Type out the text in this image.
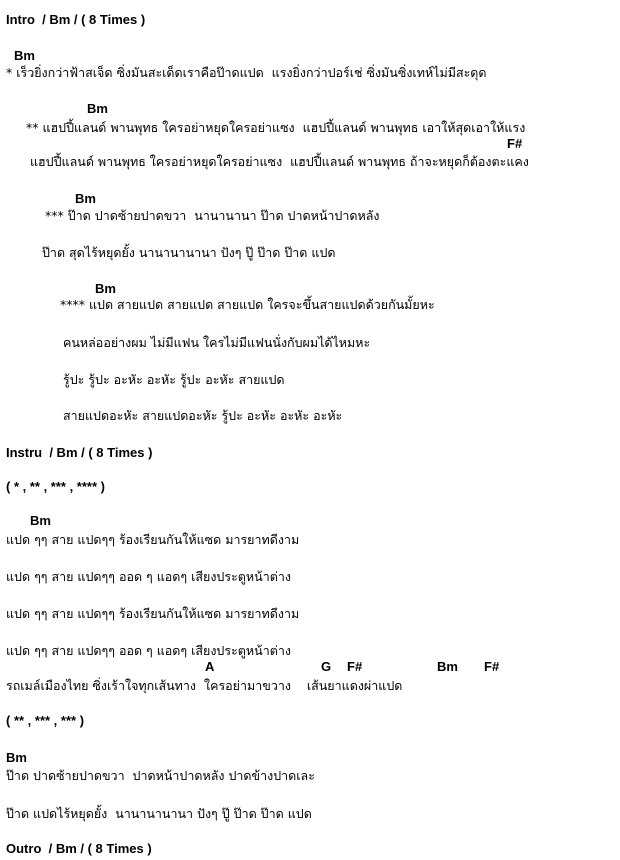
Intro  / Bm / ( 8 Times )
Bm
* เร็วยิ่งกว่าฟ้าสเจ็ด ซิ่งมันสะเด็ดเราคือป๊าดแปด  แรงยิ่งกว่าปอร์เช่ ซิ่งมันซิ่งเทห์ไม่มีสะดุด
Bm
** แฮปปี้แลนด์ พานพุทธ ใครอย่าหยุดใครอย่าแซง  แฮปปี้แลนด์ พานพุทธ เอาให้สุดเอาให้แรง
F#
แฮปปี้แลนด์ พานพุทธ ใครอย่าหยุดใครอย่าแซง  แฮปปี้แลนด์ พานพุทธ ถ้าจะหยุดก็ต้องตะแคง
Bm
*** ป๊าด ปาดซ้ายปาดขวา  นานานานา ป๊าด ปาดหน้าปาดหลัง
ป๊าด สุดไร้หยุดยั้ง นานานานานา ปังๆ ปู๊ ป๊าด ป๊าด แปด
Bm
**** แปด สายแปด สายแปด สายแปด ใครจะขึ้นสายแปดด้วยกันมั้ยหะ
คนหล่ออย่างผม ไม่มีแฟน ใครไม่มีแฟนนั่งกับผมได้ไหมหะ
รู้ปะ รู้ปะ อะหัะ อะหัะ รู้ปะ อะหัะ สายแปด
สายแปดอะหัะ สายแปดอะหัะ รู้ปะ อะหัะ อะหัะ อะหัะ
Instru  / Bm / ( 8 Times )
( * , ** , *** , **** )
Bm
แปด ๆๆ สาย แปดๆๆ ร้องเรียนกันให้แซด มารยาทดีงาม
แปด ๆๆ สาย แปดๆๆ ออด ๆ แอดๆ เสียงประตูหน้าต่าง
แปด ๆๆ สาย แปดๆๆ ร้องเรียนกันให้แซด มารยาทดีงาม
แปด ๆๆ สาย แปดๆๆ ออด ๆ แอดๆ เสียงประตูหน้าต่าง
A	G F#	Bm F#
รถเมล์เมืองไทย ซิ่งเร้าใจทุกเส้นทาง  ใครอย่ามาขวาง    เส้นยาแดงผ่าแปด
( ** , *** , *** )
Bm
ป๊าด ปาดซ้ายปาดขวา  ปาดหน้าปาดหลัง ปาดข้างปาดเละ
ป๊าด แปดไร้หยุดยั้ง  นานานานานา ปังๆ ปู๊ ป๊าด ป๊าด แปด
Outro  / Bm / ( 8 Times )
